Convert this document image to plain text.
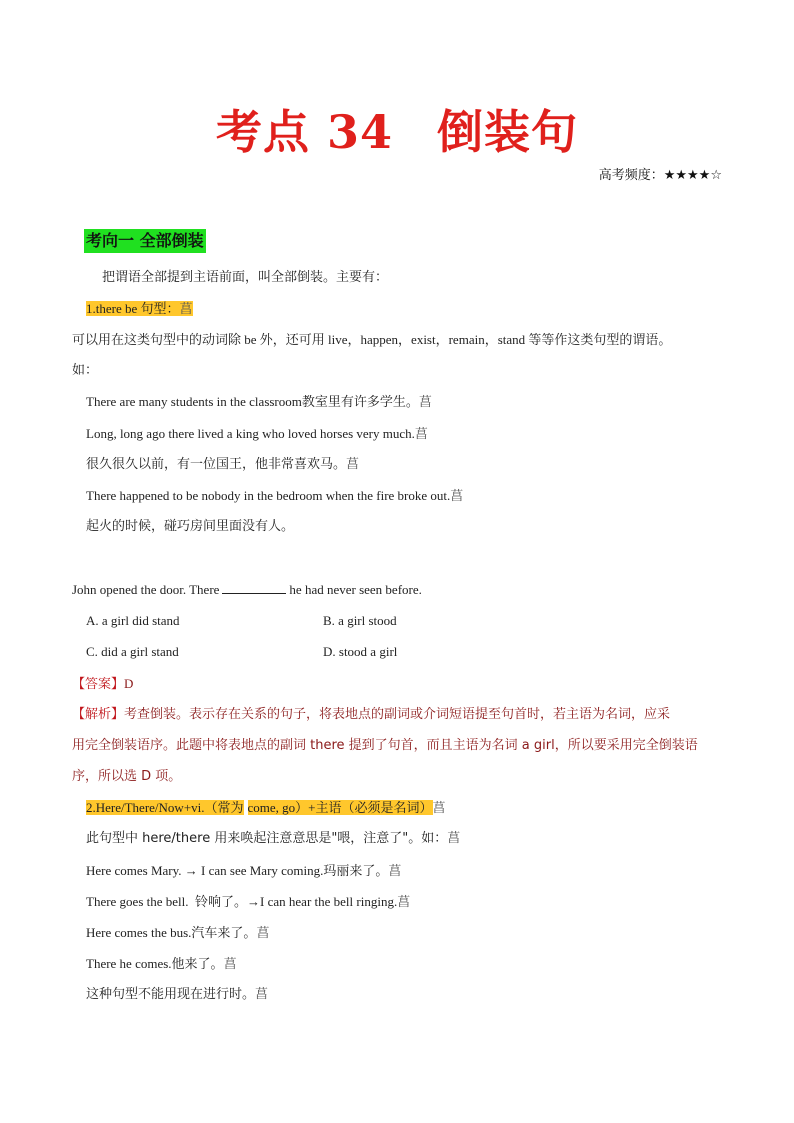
考点 34 倒装句
高考频度：★★★★☆
考向一 全部倒装
把谓语全部提到主语前面，叫全部倒装。主要有：
1.there be 句型：菖
可以用在这类句型中的动词除 be 外，还可用 live，happen，exist，remain，stand 等等作这类句型的谓语。
如：
There are many students in the classroom教室里有许多学生。菖
Long, long ago there lived a king who loved horses very much.菖
很久很久以前，有一位国王，他非常喜欢马。菖
There happened to be nobody in the bedroom when the fire broke out.菖
起火的时候，碰巧房间里面没有人。
John opened the door. There	he had never seen before.
A. a girl did stand	B. a girl stood
C. did a girl stand	D. stood a girl
【答案】D
【解析】考查倒装。表示存在关系的句子，将表地点的副词或介词短语提至句首时，若主语为名词，应采
用完全倒装语序。此题中将表地点的副词 there 提到了句首，而且主语为名词 a girl，所以要采用完全倒装语
序，所以选 D 项。
2.Here/There/Now+vi.（常为 come, go）+主语（必须是名词）菖
此句型中 here/there 用来唤起注意意思是"喂，注意了"。如：菖
Here comes Mary. → I can see Mary coming.玛丽来了。菖
There goes the bell.  铃响了。→I can hear the bell ringing.菖
Here comes the bus.汽车来了。菖
There he comes.他来了。菖
这种句型不能用现在进行时。菖
